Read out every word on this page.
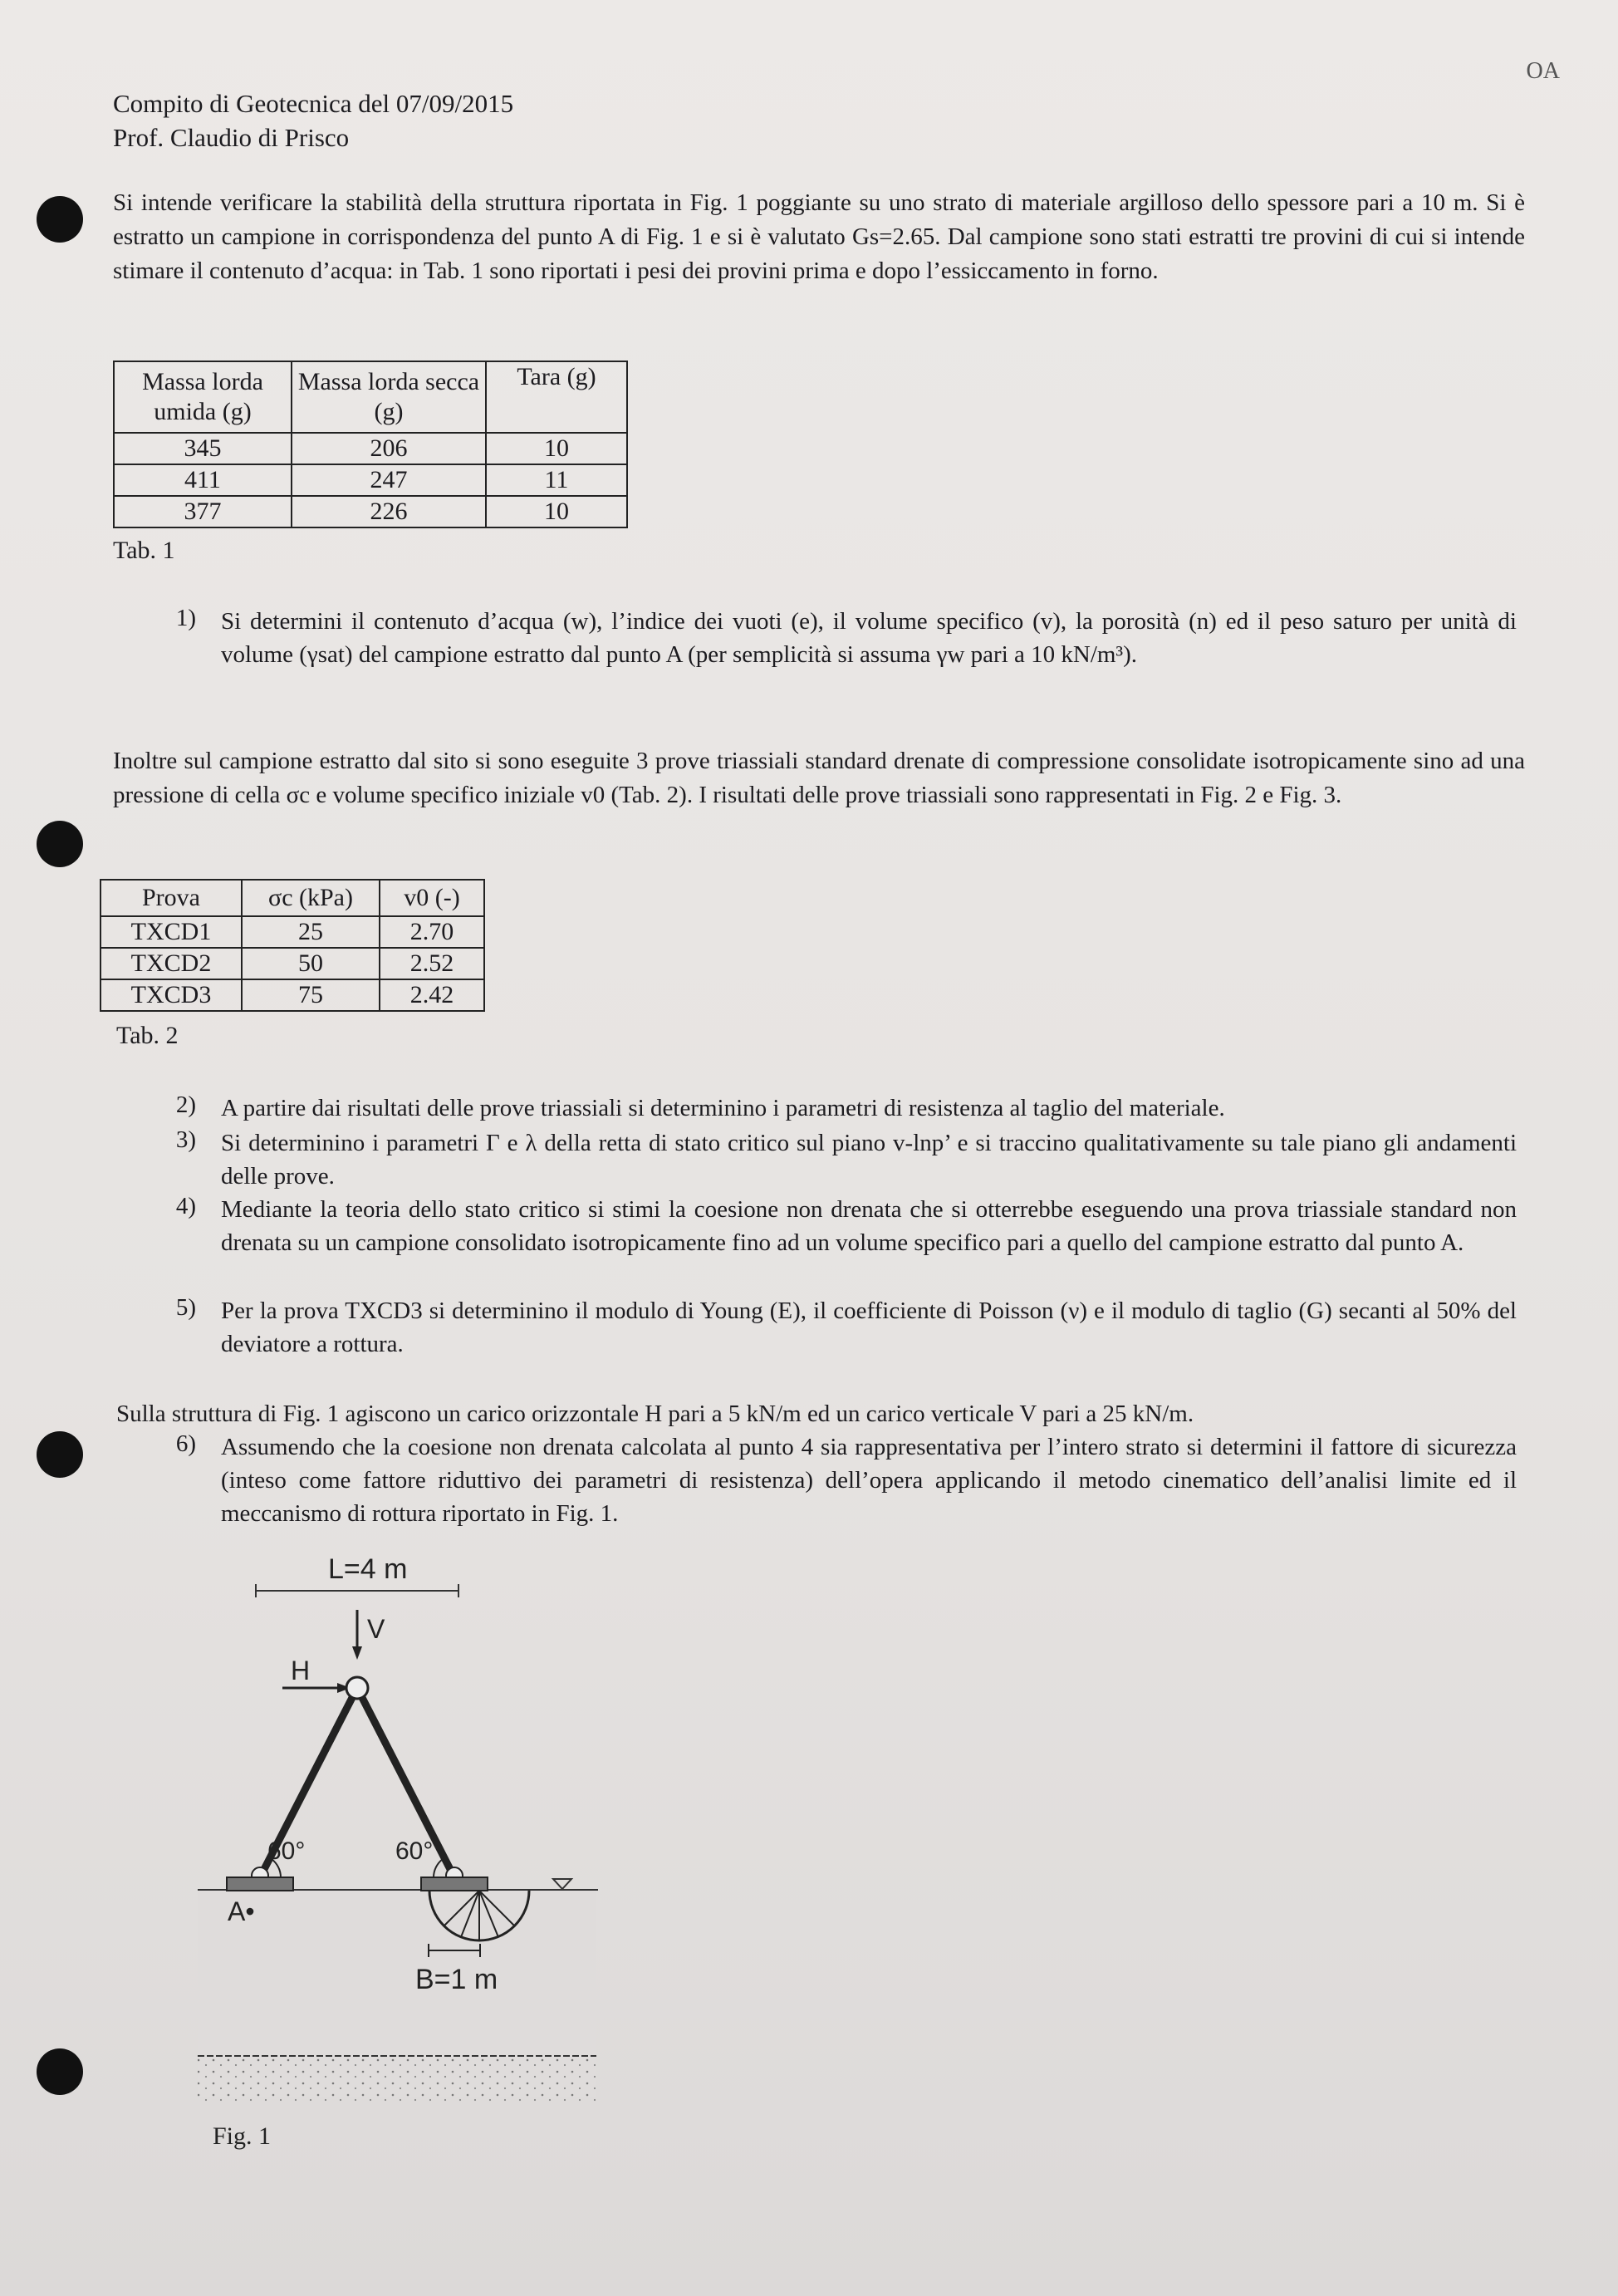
OA
Compito di Geotecnica del 07/09/2015
Prof. Claudio di Prisco
Si intende verificare la stabilità della struttura riportata in Fig. 1 poggiante su uno strato di materiale argilloso dello spessore pari a 10 m. Si è estratto un campione in corrispondenza del punto A di Fig. 1 e si è valutato Gs=2.65. Dal campione sono stati estratti tre provini di cui si intende stimare il contenuto d’acqua: in Tab. 1 sono riportati i pesi dei provini prima e dopo l’essiccamento in forno.
Massa lorda umida (g)	Massa lorda secca (g)	Tara (g)
345	206	10
411	247	11
377	226	10
Tab. 1
1) Si determini il contenuto d’acqua (w), l’indice dei vuoti (e), il volume specifico (v), la porosità (n) ed il peso saturo per unità di volume (γsat) del campione estratto dal punto A (per semplicità si assuma γw pari a 10 kN/m³).
Inoltre sul campione estratto dal sito si sono eseguite 3 prove triassiali standard drenate di compressione consolidate isotropicamente sino ad una pressione di cella σc e volume specifico iniziale v0 (Tab. 2). I risultati delle prove triassiali sono rappresentati in Fig. 2 e Fig. 3.
Prova	σc (kPa)	v0 (-)
TXCD1	25	2.70
TXCD2	50	2.52
TXCD3	75	2.42
Tab. 2
2) A partire dai risultati delle prove triassiali si determinino i parametri di resistenza al taglio del materiale.
3) Si determinino i parametri Γ e λ della retta di stato critico sul piano v-lnp’ e si traccino qualitativamente su tale piano gli andamenti delle prove.
4) Mediante la teoria dello stato critico si stimi la coesione non drenata che si otterrebbe eseguendo una prova triassiale standard non drenata su un campione consolidato isotropicamente fino ad un volume specifico pari a quello del campione estratto dal punto A.
5) Per la prova TXCD3 si determinino il modulo di Young (E), il coefficiente di Poisson (ν) e il modulo di taglio (G) secanti al 50% del deviatore a rottura.
Sulla struttura di Fig. 1 agiscono un carico orizzontale H pari a 5 kN/m ed un carico verticale V pari a 25 kN/m.
6) Assumendo che la coesione non drenata calcolata al punto 4 sia rappresentativa per l’intero strato si determini il fattore di sicurezza (inteso come fattore riduttivo dei parametri di resistenza) dell’opera applicando il metodo cinematico dell’analisi limite ed il meccanismo di rottura riportato in Fig. 1.
L=4 m
V
H
60°	60°
A•
B=1 m
Fig. 1
